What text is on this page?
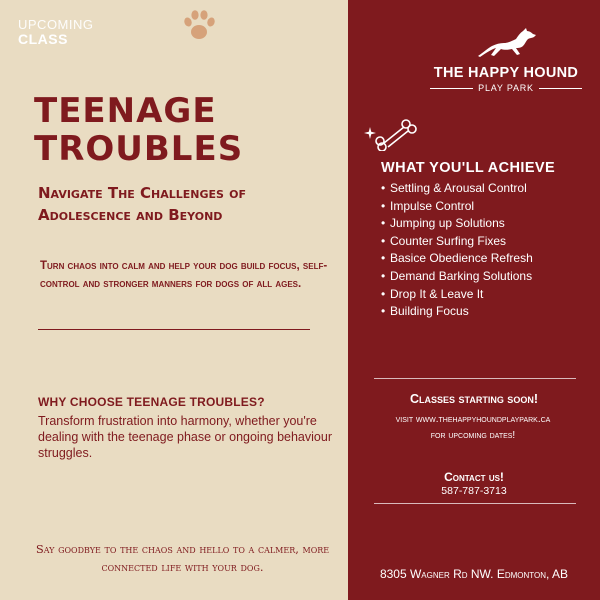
UPCOMING
CLASS
TEENAGE
TROUBLES
Navigate The Challenges of Adolescence and Beyond
Turn chaos into calm and help your dog build focus, self-control and stronger manners for dogs of all ages.
WHY CHOOSE TEENAGE TROUBLES?
Transform frustration into harmony, whether you're dealing with the teenage phase or ongoing behaviour struggles.
Say goodbye to the chaos and hello to a calmer, more connected life with your dog.
THE HAPPY HOUND
PLAY PARK
WHAT YOU'LL ACHIEVE
• Settling & Arousal Control
• Impulse Control
• Jumping up Solutions
• Counter Surfing Fixes
• Basice Obedience Refresh
• Demand Barking Solutions
• Drop It & Leave It
• Building Focus
Classes starting soon!
visit www.thehappyhoundplaypark.ca
for upcoming dates!
Contact us!
587-787-3713
8305 Wagner Rd NW. Edmonton, AB
